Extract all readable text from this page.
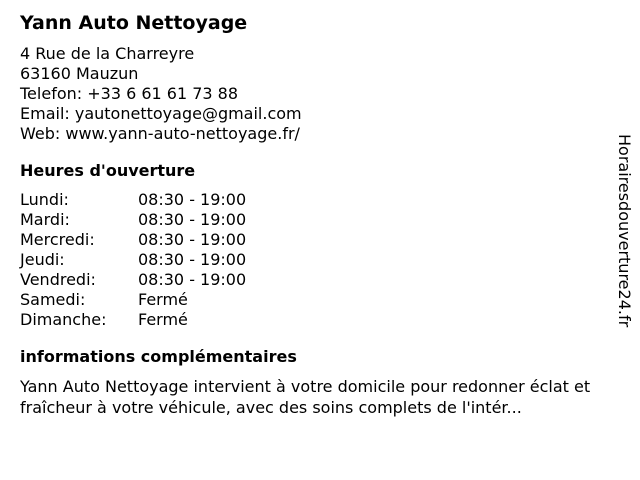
Yann Auto Nettoyage
4 Rue de la Charreyre
63160 Mauzun
Telefon: +33 6 61 61 73 88
Email: yautonettoyage@gmail.com
Web: www.yann-auto-nettoyage.fr/
Heures d'ouverture
Lundi:	08:30 - 19:00
Mardi:	08:30 - 19:00
Mercredi:	08:30 - 19:00
Jeudi:	08:30 - 19:00
Vendredi:	08:30 - 19:00
Samedi:	Fermé
Dimanche:	Fermé
informations complémentaires
Yann Auto Nettoyage intervient à votre domicile pour redonner éclat et fraîcheur à votre véhicule, avec des soins complets de l'intér...
Horairesdouverture24.fr
